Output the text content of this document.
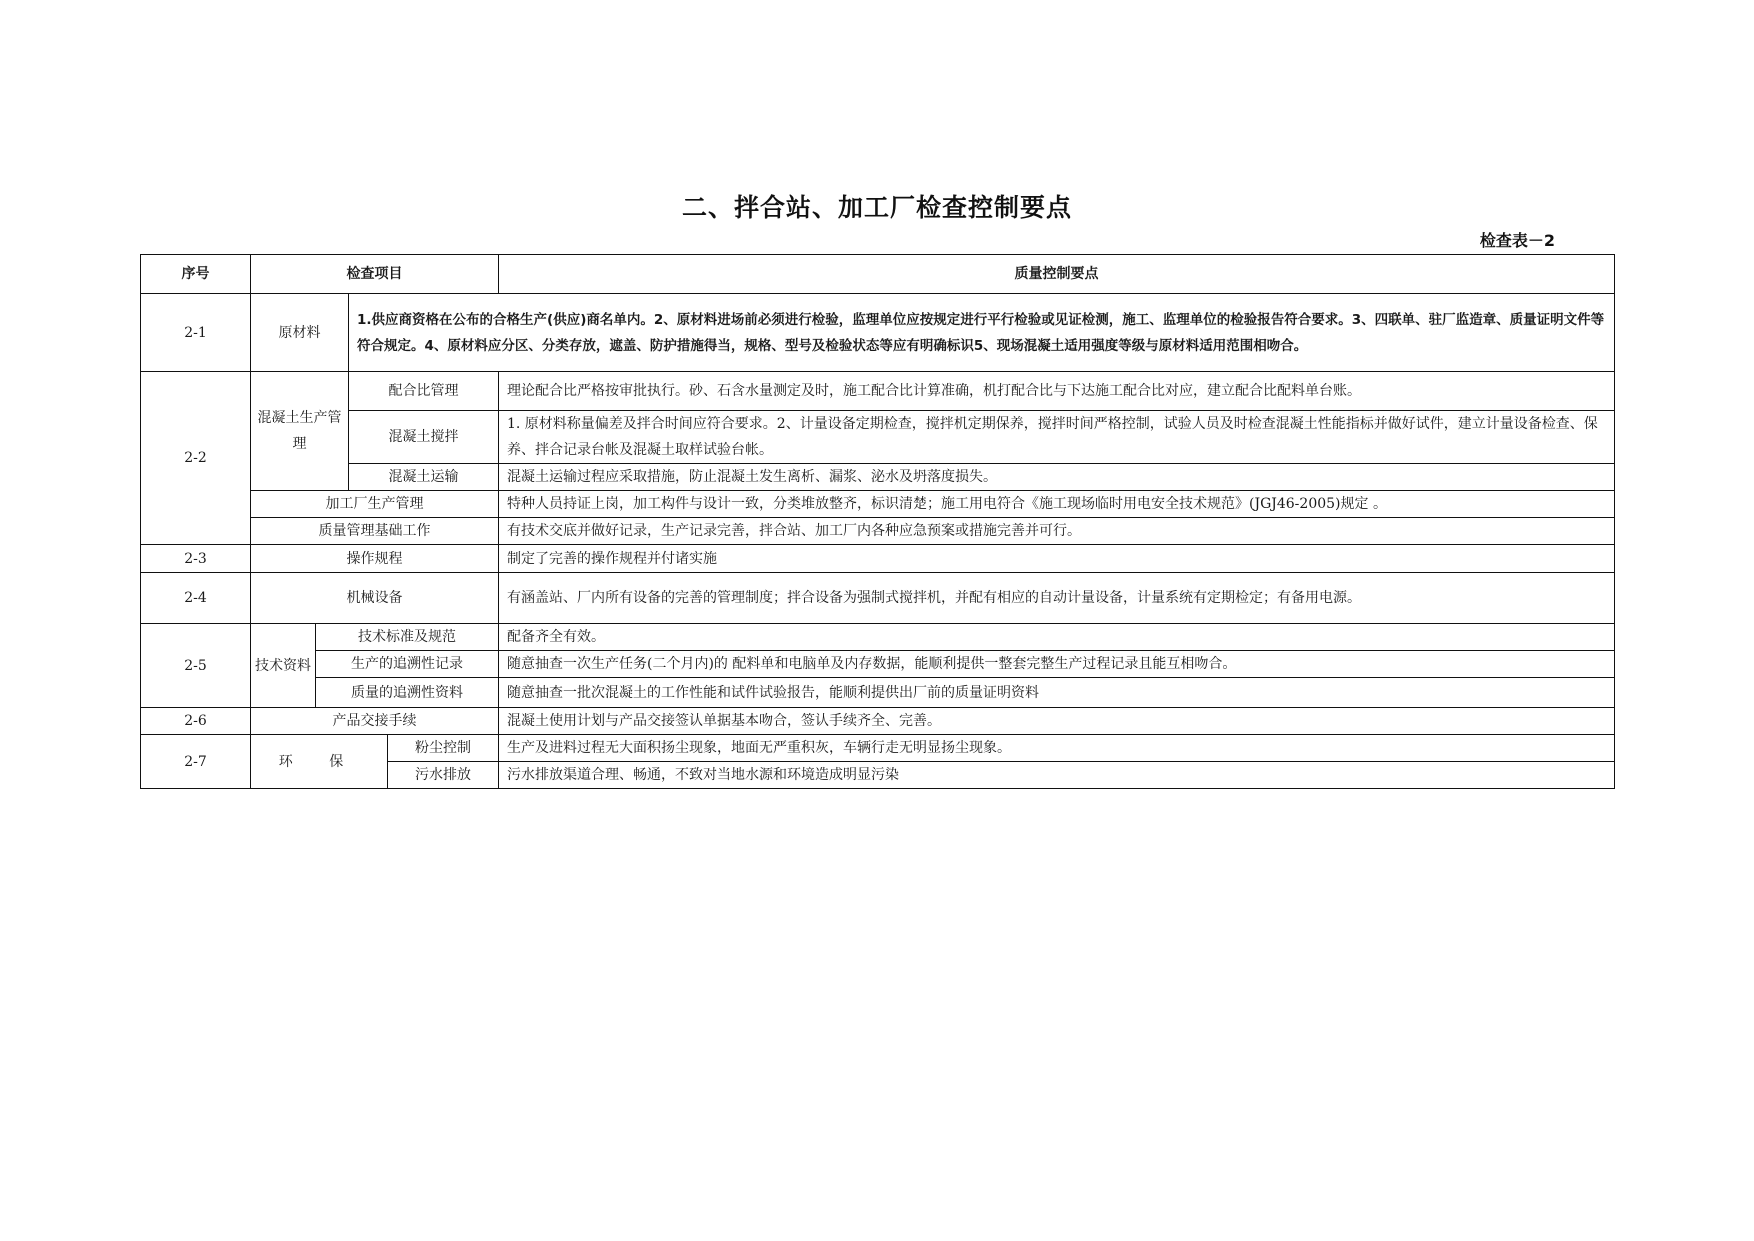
二、拌合站、加工厂检查控制要点
检查表－2
序号	检查项目				质量控制要点
2-1	原材料		1.供应商资格在公布的合格生产(供应)商名单内。2、原材料进场前必须进行检验，监理单位应按规定进行平行检验或见证检测，施工、监理单位的检验报告符合要求。3、四联单、驻厂监造章、质量证明文件等符合规定。4、原材料应分区、分类存放，遮盖、防护措施得当，规格、型号及检验状态等应有明确标识5、现场混凝土适用强度等级与原材料适用范围相吻合。		
2-2	混凝土生产管理		配合比管理		理论配合比严格按审批执行。砂、石含水量测定及时，施工配合比计算准确，机打配合比与下达施工配合比对应，建立配合比配料单台账。
			混凝土搅拌		1. 原材料称量偏差及拌合时间应符合要求。2、计量设备定期检查，搅拌机定期保养，搅拌时间严格控制，试验人员及时检查混凝土性能指标并做好试件，建立计量设备检查、保养、拌合记录台帐及混凝土取样试验台帐。
			混凝土运输		混凝土运输过程应采取措施，防止混凝土发生离析、漏浆、泌水及坍落度损失。
	加工厂生产管理				特种人员持证上岗，加工构件与设计一致，分类堆放整齐，标识清楚；施工用电符合《施工现场临时用电安全技术规范》(JGJ46-2005)规定 。
	质量管理基础工作				有技术交底并做好记录，生产记录完善，拌合站、加工厂内各种应急预案或措施完善并可行。
2-3	操作规程				制定了完善的操作规程并付诸实施
2-4	机械设备				有涵盖站、厂内所有设备的完善的管理制度；拌合设备为强制式搅拌机，并配有相应的自动计量设备，计量系统有定期检定；有备用电源。
2-5	技术资料	技术标准及规范			配备齐全有效。
		生产的追溯性记录			随意抽查一次生产任务(二个月内)的 配料单和电脑单及内存数据，能顺利提供一整套完整生产过程记录且能互相吻合。
		质量的追溯性资料			随意抽查一批次混凝土的工作性能和试件试验报告，能顺利提供出厂前的质量证明资料
2-6	产品交接手续				混凝土使用计划与产品交接签认单据基本吻合，签认手续齐全、完善。
2-7	环 保			粉尘控制	生产及进料过程无大面积扬尘现象，地面无严重积灰，车辆行走无明显扬尘现象。
				污水排放	污水排放渠道合理、畅通，不致对当地水源和环境造成明显污染
